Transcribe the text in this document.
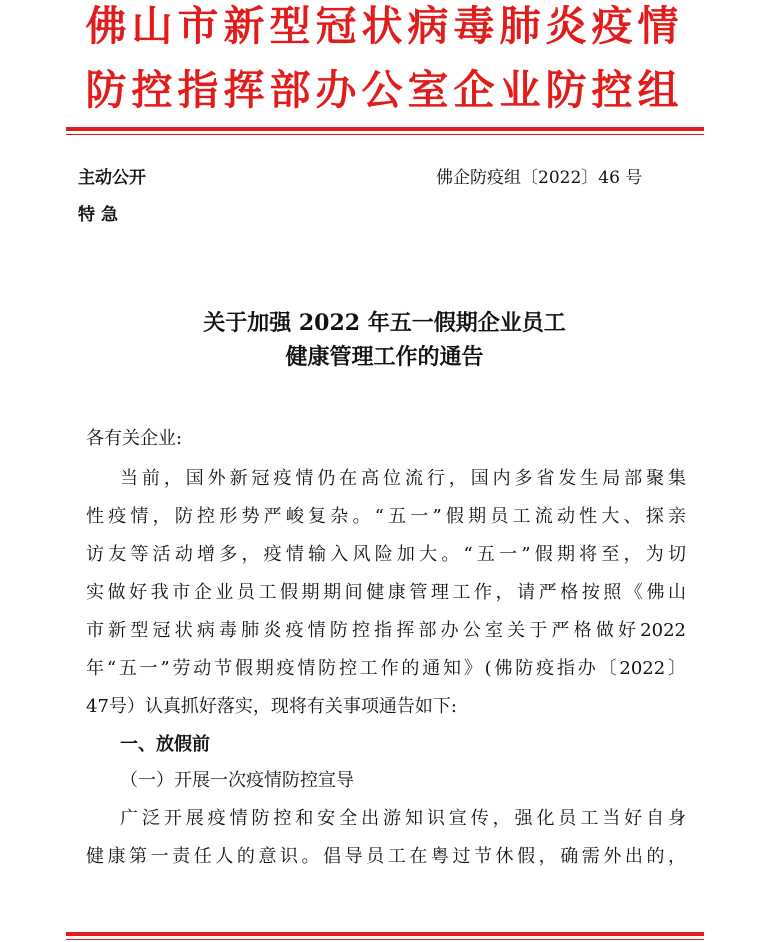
佛山市新型冠状病毒肺炎疫情
防控指挥部办公室企业防控组
主动公开
特急
佛企防疫组〔2022〕46 号
关于加强 2022 年五一假期企业员工
健康管理工作的通告
各有关企业:
当前，国外新冠疫情仍在高位流行，国内多省发生局部聚集
性疫情，防控形势严峻复杂。“五一”假期员工流动性大、探亲
访友等活动增多，疫情输入风险加大。“五一”假期将至，为切
实做好我市企业员工假期期间健康管理工作，请严格按照《佛山
市新型冠状病毒肺炎疫情防控指挥部办公室关于严格做好2022
年“五一”劳动节假期疫情防控工作的通知》(佛防疫指办〔2022〕
47号）认真抓好落实，现将有关事项通告如下:
一、放假前
（一）开展一次疫情防控宣导
广泛开展疫情防控和安全出游知识宣传，强化员工当好自身
健康第一责任人的意识。倡导员工在粤过节休假，确需外出的，
